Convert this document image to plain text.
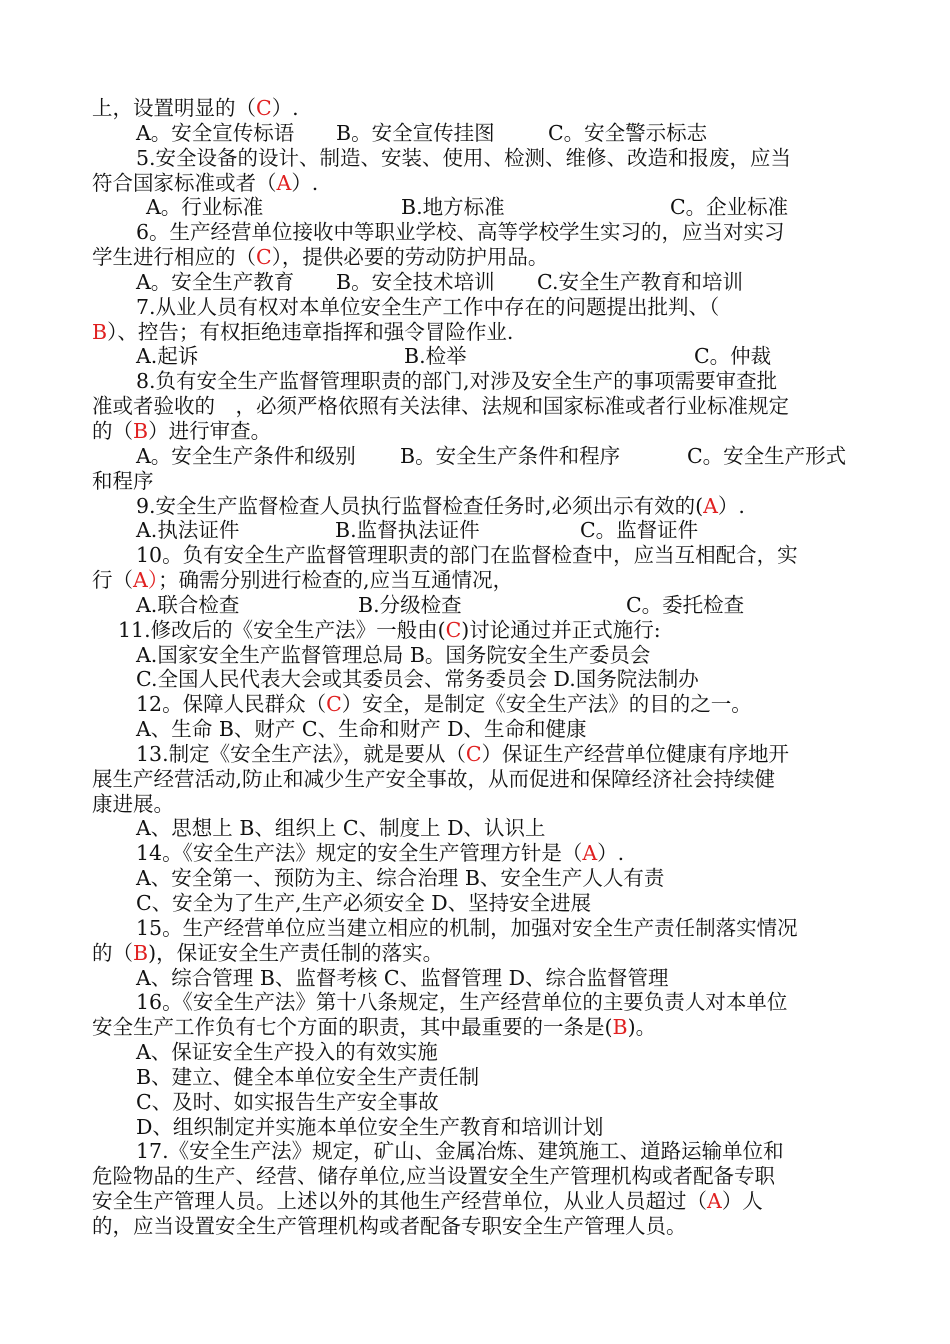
上，设置明显的（C）.
A。安全宣传标语 B。安全宣传挂图	C。安全警示标志
5.安全设备的设计、制造、安装、使用、检测、维修、改造和报废，应当
符合国家标准或者（A）.
A。行业标准	B.地方标准	C。企业标准
6。生产经营单位接收中等职业学校、高等学校学生实习的，应当对实习
学生进行相应的（C），提供必要的劳动防护用品。
A。安全生产教育 B。安全技术培训 C.安全生产教育和培训
7.从业人员有权对本单位安全生产工作中存在的问题提出批判、（
B）、控告；有权拒绝违章指挥和强令冒险作业.
A.起诉	B.检举	C。仲裁
8.负有安全生产监督管理职责的部门,对涉及安全生产的事项需要审查批
准或者验收的　，必须严格依照有关法律、法规和国家标准或者行业标准规定
的（B）进行审查。
A。安全生产条件和级别 B。安全生产条件和程序	C。安全生产形式
和程序
9.安全生产监督检查人员执行监督检查任务时,必须出示有效的(A）.
A.执法证件	B.监督执法证件	C。监督证件
10。负有安全生产监督管理职责的部门在监督检查中，应当互相配合，实
行（A）；确需分别进行检查的,应当互通情况，
A.联合检查	B.分级检查	C。委托检查
11.修改后的《安全生产法》一般由(C)讨论通过并正式施行:
A.国家安全生产监督管理总局 B。国务院安全生产委员会
C.全国人民代表大会或其委员会、常务委员会 D.国务院法制办
12。保障人民群众（C）安全，是制定《安全生产法》的目的之一。
A、生命 B、财产 C、生命和财产 D、生命和健康
13.制定《安全生产法》，就是要从（C）保证生产经营单位健康有序地开
展生产经营活动,防止和减少生产安全事故，从而促进和保障经济社会持续健
康进展。
A、思想上 B、组织上 C、制度上 D、认识上
14。《安全生产法》规定的安全生产管理方针是（A）.
A、安全第一、预防为主、综合治理 B、安全生产人人有责
C、安全为了生产,生产必须安全 D、坚持安全进展
15。生产经营单位应当建立相应的机制，加强对安全生产责任制落实情况
的（B)，保证安全生产责任制的落实。
A、综合管理 B、监督考核 C、监督管理 D、综合监督管理
16。《安全生产法》第十八条规定，生产经营单位的主要负责人对本单位
安全生产工作负有七个方面的职责，其中最重要的一条是(B)。
A、保证安全生产投入的有效实施
B、建立、健全本单位安全生产责任制
C、及时、如实报告生产安全事故
D、组织制定并实施本单位安全生产教育和培训计划
17.《安全生产法》规定，矿山、金属冶炼、建筑施工、道路运输单位和
危险物品的生产、经营、储存单位,应当设置安全生产管理机构或者配备专职
安全生产管理人员。上述以外的其他生产经营单位，从业人员超过（A）人
的，应当设置安全生产管理机构或者配备专职安全生产管理人员。
